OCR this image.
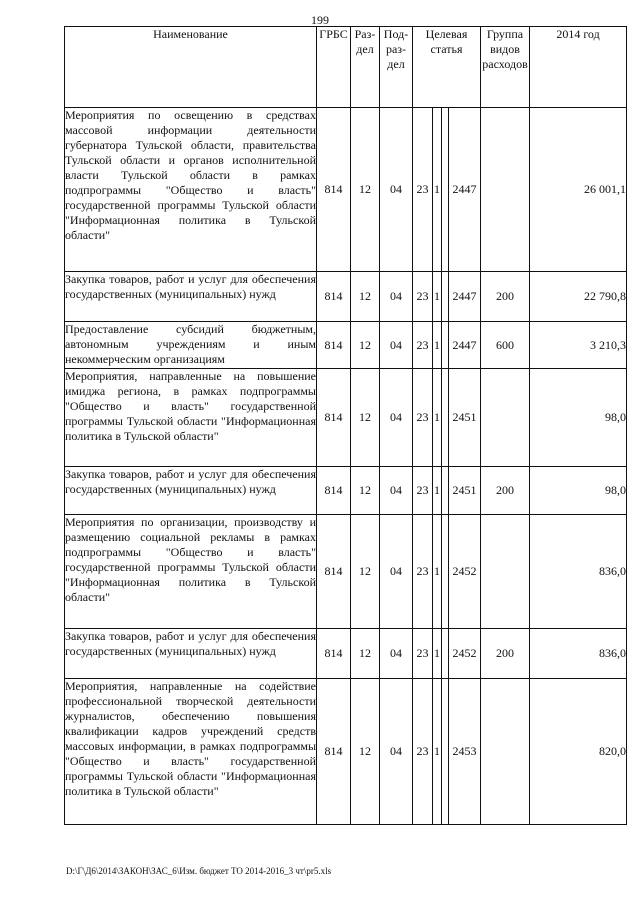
199
Наименование	ГРБС	Раз-дел	Под-раз-дел	Целевая статья				Группа видов расходов	2014 год
Мероприятия по освещению в средствах массовой информации деятельности губернатора Тульской области, правительства Тульской области и органов исполнительной власти Тульской области в рамках подпрограммы "Общество и власть" государственной программы Тульской области "Информационная политика в Тульской области"	814	12	04	23	1		2447		26 001,1
Закупка товаров, работ и услуг для обеспечения государственных (муниципальных) нужд	814	12	04	23	1		2447	200	22 790,8
Предоставление субсидий бюджетным, автономным учреждениям и иным некоммерческим организациям	814	12	04	23	1		2447	600	3 210,3
Мероприятия, направленные на повышение имиджа региона, в рамках подпрограммы "Общество и власть" государственной программы Тульской области "Информационная политика в Тульской области"	814	12	04	23	1		2451		98,0
Закупка товаров, работ и услуг для обеспечения государственных (муниципальных) нужд	814	12	04	23	1		2451	200	98,0
Мероприятия по организации, производству и размещению социальной рекламы в рамках подпрограммы "Общество и власть" государственной программы Тульской области "Информационная политика в Тульской области"	814	12	04	23	1		2452		836,0
Закупка товаров, работ и услуг для обеспечения государственных (муниципальных) нужд	814	12	04	23	1		2452	200	836,0
Мероприятия, направленные на содействие профессиональной творческой деятельности журналистов, обеспечению повышения квалификации кадров учреждений средств массовых информации, в рамках подпрограммы "Общество и власть" государственной программы Тульской области "Информационная политика в Тульской области"	814	12	04	23	1		2453		820,0
D:\Г\Д6\2014\ЗАКОН\ЗАС_6\Изм. бюджет ТО 2014-2016_3 чт\pr5.xls
